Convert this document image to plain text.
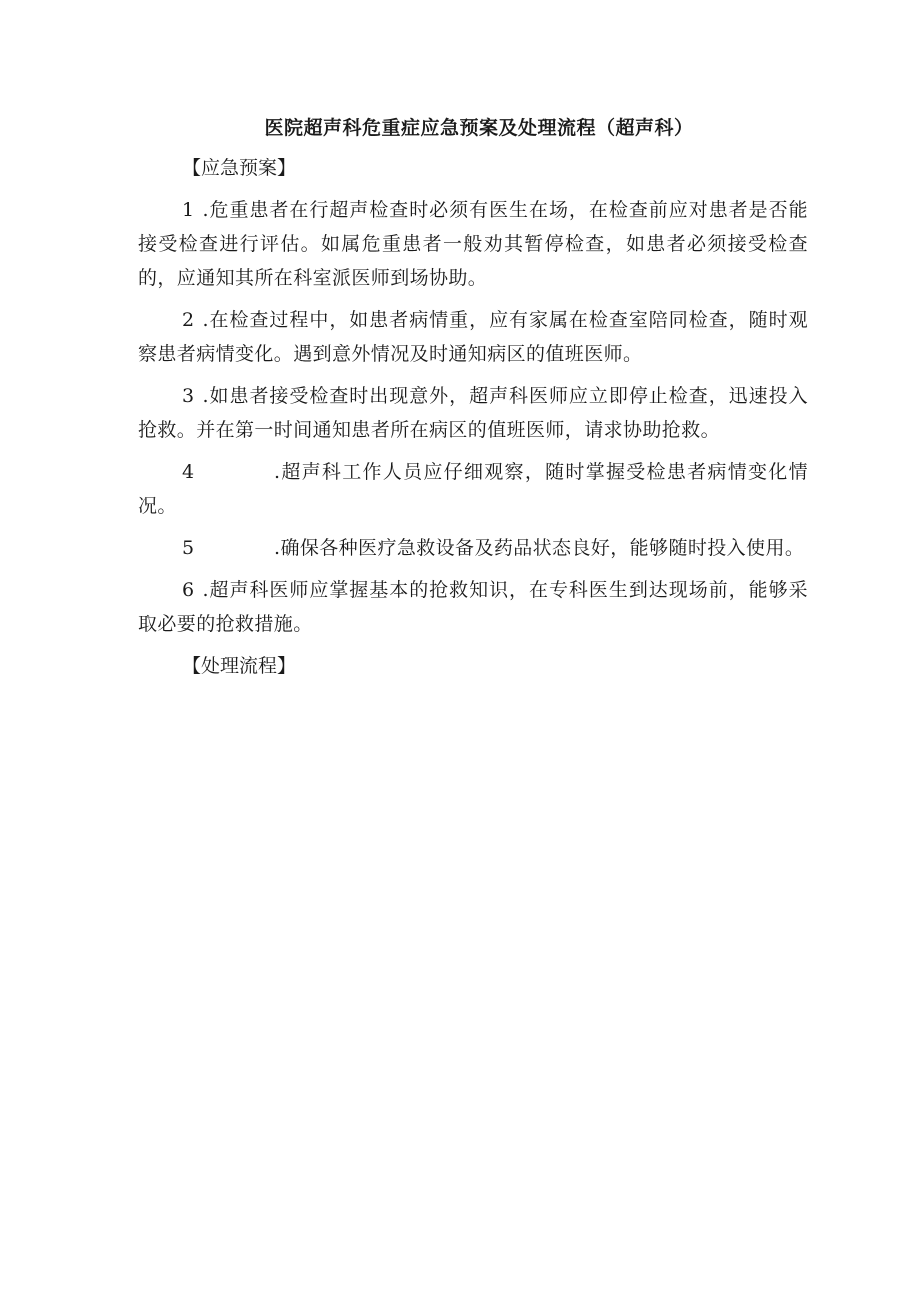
医院超声科危重症应急预案及处理流程（超声科）
【应急预案】
1 .危重患者在行超声检查时必须有医生在场，在检查前应对患者是否能接受检查进行评估。如属危重患者一般劝其暂停检查，如患者必须接受检查的，应通知其所在科室派医师到场协助。
2 .在检查过程中，如患者病情重，应有家属在检查室陪同检查，随时观察患者病情变化。遇到意外情况及时通知病区的值班医师。
3 .如患者接受检查时出现意外，超声科医师应立即停止检查，迅速投入抢救。并在第一时间通知患者所在病区的值班医师，请求协助抢救。
4	.超声科工作人员应仔细观察，随时掌握受检患者病情变化情况。
5	.确保各种医疗急救设备及药品状态良好，能够随时投入使用。
6 .超声科医师应掌握基本的抢救知识，在专科医生到达现场前，能够采取必要的抢救措施。
【处理流程】
